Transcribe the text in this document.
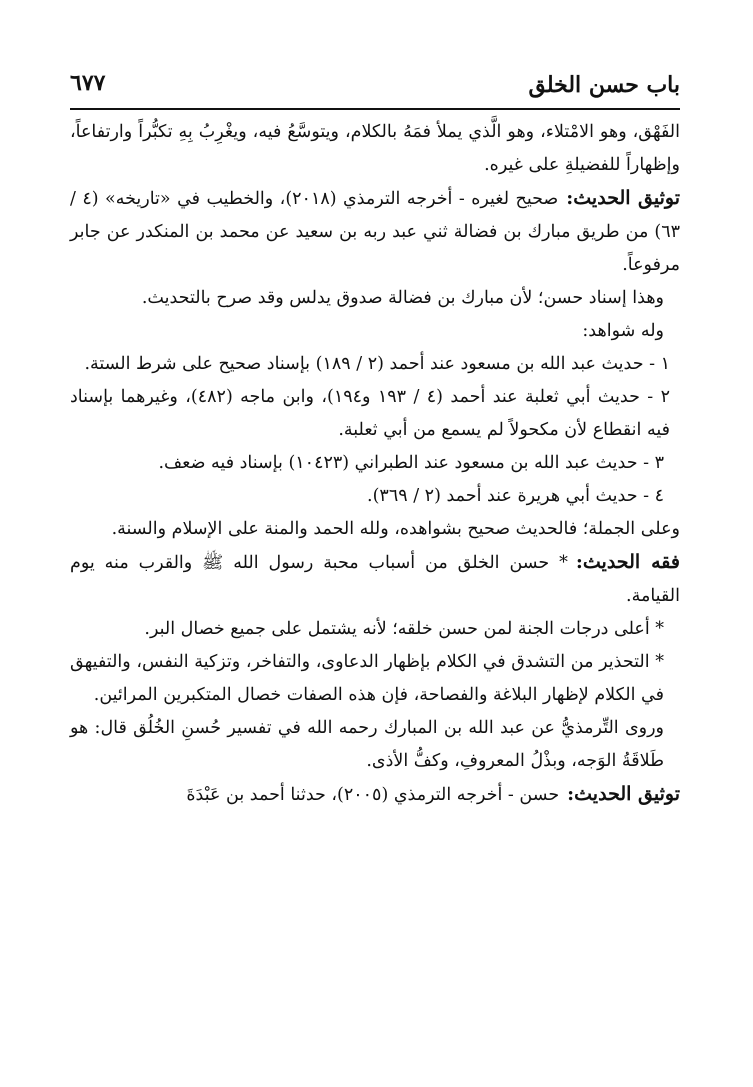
باب حسن الخلق
٦٧٧

الفَهْق، وهو الامْتلاء، وهو الَّذي يملأ فمَهُ بالكلام، ويتوسَّعُ فيه، ويغْرِبُ بِهِ تكبُّراً وارتفاعاً، وإظهاراً للفضيلةِ على غيره.

توثيق الحديث:صحيح لغيره - أخرجه الترمذي (٢٠١٨)، والخطيب في «تاريخه» (٤ / ٦٣) من طريق مبارك بن فضالة ثني عبد ربه بن سعيد عن محمد بن المنكدر عن جابر مرفوعاً.

وهذا إسناد حسن؛ لأن مبارك بن فضالة صدوق يدلس وقد صرح بالتحديث.

وله شواهد:

١ - حديث عبد الله بن مسعود عند أحمد (٢ / ١٨٩) بإسناد صحيح على شرط الستة.

٢ - حديث أبي ثعلبة عند أحمد (٤ / ١٩٣ و١٩٤)، وابن ماجه (٤٨٢)، وغيرهما بإسناد فيه انقطاع لأن مكحولاً لم يسمع من أبي ثعلبة.

٣ - حديث عبد الله بن مسعود عند الطبراني (١٠٤٢٣) بإسناد فيه ضعف.

٤ - حديث أبي هريرة عند أحمد (٢ / ٣٦٩).

وعلى الجملة؛ فالحديث صحيح بشواهده، ولله الحمد والمنة على الإسلام والسنة.

فقه الحديث:* حسن الخلق من أسباب محبة رسول الله ﷺ والقرب منه يوم القيامة.

* أعلى درجات الجنة لمن حسن خلقه؛ لأنه يشتمل على جميع خصال البر.

* التحذير من التشدق في الكلام بإظهار الدعاوى، والتفاخر، وتزكية النفس، والتفيهق في الكلام لإظهار البلاغة والفصاحة، فإن هذه الصفات خصال المتكبرين المرائين.

وروى التِّرمذيُّ عن عبد الله بن المبارك رحمه الله في تفسير حُسنِ الخُلُق قال: هو طَلاقَةُ الوَجه، وبذْلُ المعروفِ، وكفُّ الأذى.

توثيق الحديث:حسن - أخرجه الترمذي (٢٠٠٥)، حدثنا أحمد بن عَبْدَةَ
